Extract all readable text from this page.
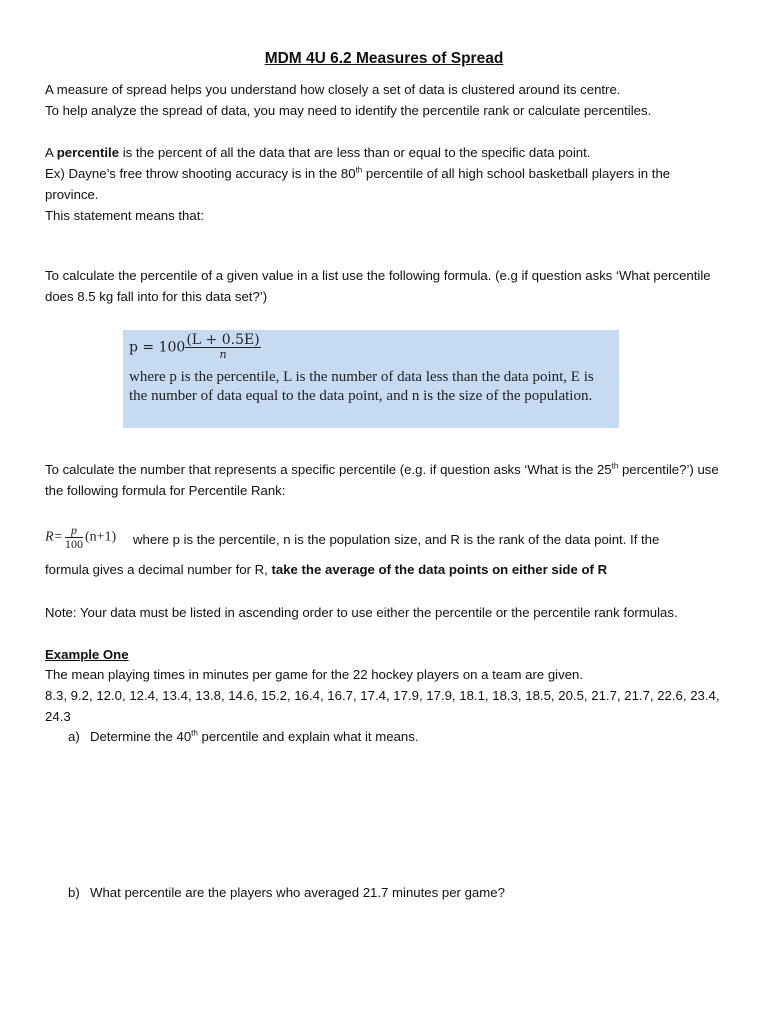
MDM 4U 6.2 Measures of Spread
A measure of spread helps you understand how closely a set of data is clustered around its centre.
To help analyze the spread of data, you may need to identify the percentile rank or calculate percentiles.
A percentile is the percent of all the data that are less than or equal to the specific data point.
Ex) Dayne’s free throw shooting accuracy is in the 80th percentile of all high school basketball players in the province.
This statement means that:
To calculate the percentile of a given value in a list use the following formula. (e.g if question asks ‘What percentile does 8.5 kg fall into for this data set?’)
$p = 100 \frac{(L + 0.5E)}{n}$
where p is the percentile, L is the number of data less than the data point, E is the number of data equal to the data point, and n is the size of the population.
To calculate the number that represents a specific percentile (e.g. if question asks ‘What is the 25th percentile?’) use the following formula for Percentile Rank:
$R= \frac{p}{100} (n+1)$ where p is the percentile, n is the population size, and R is the rank of the data point. If the
formula gives a decimal number for R, take the average of the data points on either side of R
Note: Your data must be listed in ascending order to use either the percentile or the percentile rank formulas.
Example One
The mean playing times in minutes per game for the 22 hockey players on a team are given.
8.3, 9.2, 12.0, 12.4, 13.4, 13.8, 14.6, 15.2, 16.4, 16.7, 17.4, 17.9, 17.9, 18.1, 18.3, 18.5, 20.5, 21.7, 21.7, 22.6, 23.4, 24.3
a) Determine the 40th percentile and explain what it means.
b) What percentile are the players who averaged 21.7 minutes per game?
